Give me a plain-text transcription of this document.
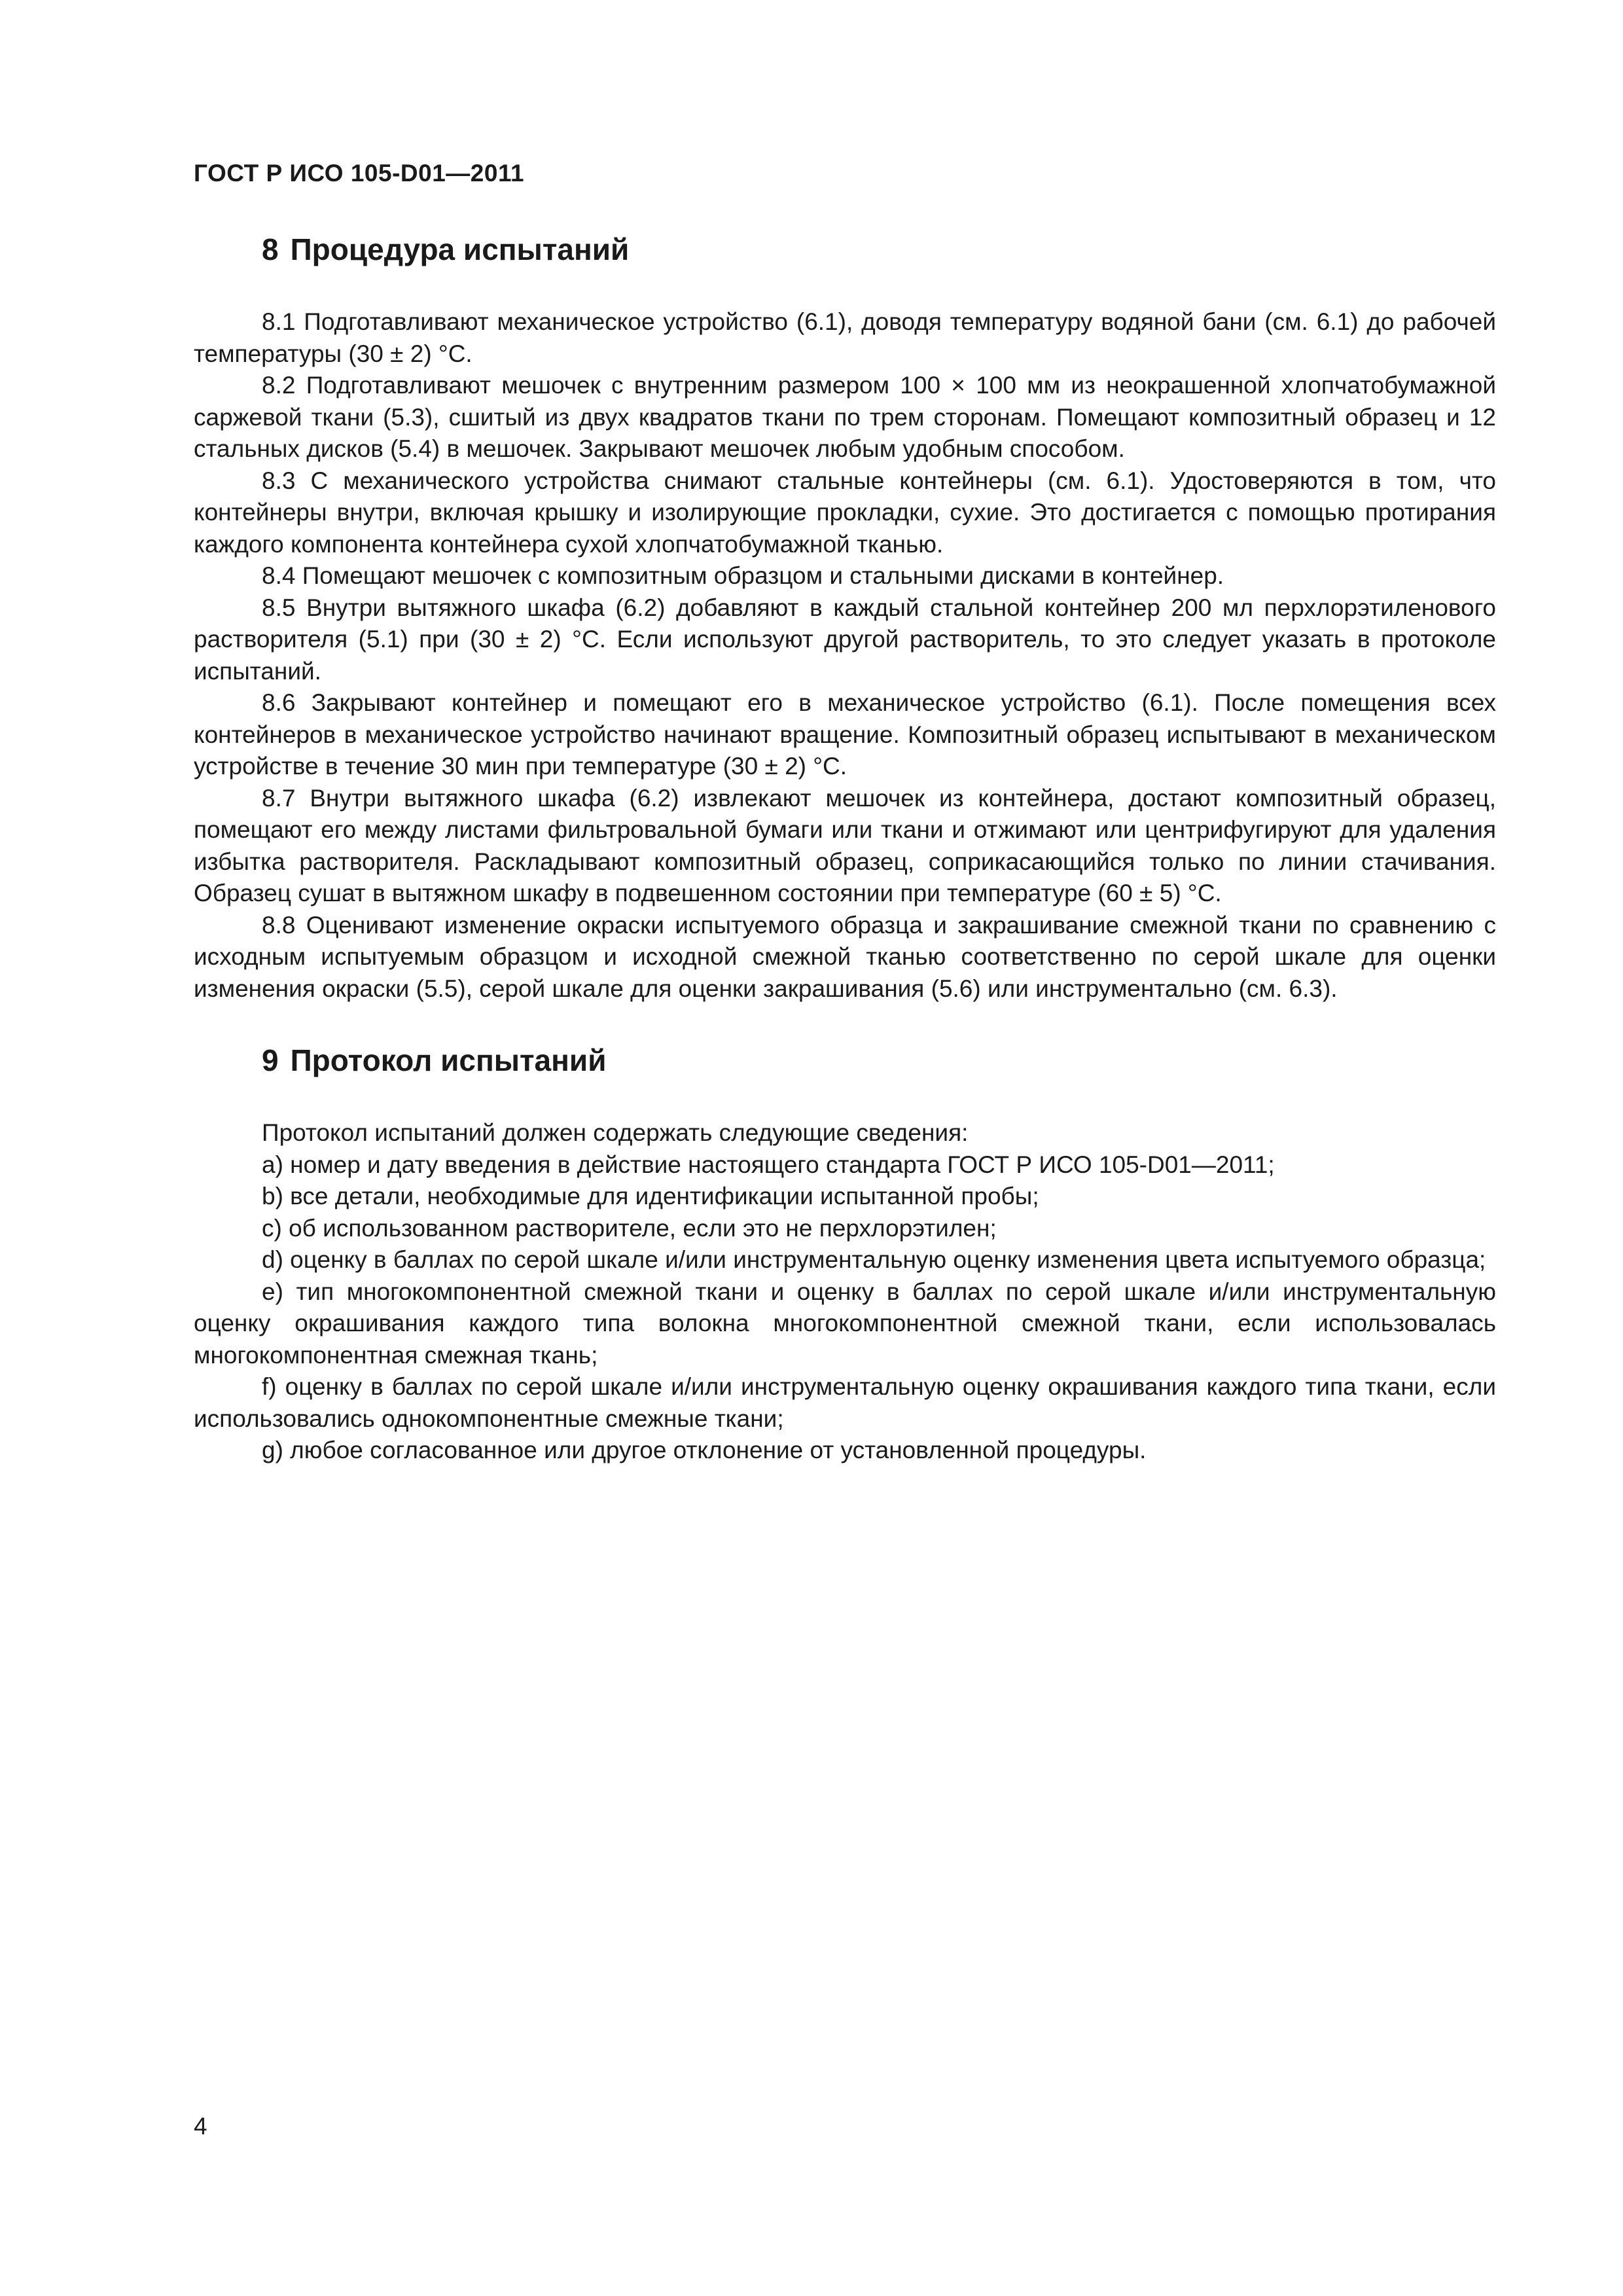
ГОСТ Р ИСО 105-D01—2011
8 Процедура испытаний

8.1 Подготавливают механическое устройство (6.1), доводя температуру водяной бани (см. 6.1) до рабочей температуры (30 ± 2) °С.

8.2 Подготавливают мешочек с внутренним размером 100 × 100 мм из неокрашенной хлопчатобумажной саржевой ткани (5.3), сшитый из двух квадратов ткани по трем сторонам. Помещают композитный образец и 12 стальных дисков (5.4) в мешочек. Закрывают мешочек любым удобным способом.

8.3 С механического устройства снимают стальные контейнеры (см. 6.1). Удостоверяются в том, что контейнеры внутри, включая крышку и изолирующие прокладки, сухие. Это достигается с помощью протирания каждого компонента контейнера сухой хлопчатобумажной тканью.

8.4 Помещают мешочек с композитным образцом и стальными дисками в контейнер.

8.5 Внутри вытяжного шкафа (6.2) добавляют в каждый стальной контейнер 200 мл перхлорэтиленового растворителя (5.1) при (30 ± 2) °С. Если используют другой растворитель, то это следует указать в протоколе испытаний.

8.6 Закрывают контейнер и помещают его в механическое устройство (6.1). После помещения всех контейнеров в механическое устройство начинают вращение. Композитный образец испытывают в механическом устройстве в течение 30 мин при температуре (30 ± 2) °С.

8.7 Внутри вытяжного шкафа (6.2) извлекают мешочек из контейнера, достают композитный образец, помещают его между листами фильтровальной бумаги или ткани и отжимают или центрифугируют для удаления избытка растворителя. Раскладывают композитный образец, соприкасающийся только по линии стачивания. Образец сушат в вытяжном шкафу в подвешенном состоянии при температуре (60 ± 5) °С.

8.8 Оценивают изменение окраски испытуемого образца и закрашивание смежной ткани по сравнению с исходным испытуемым образцом и исходной смежной тканью соответственно по серой шкале для оценки изменения окраски (5.5), серой шкале для оценки закрашивания (5.6) или инструментально (см. 6.3).

9 Протокол испытаний

Протокол испытаний должен содержать следующие сведения:

a) номер и дату введения в действие настоящего стандарта ГОСТ Р ИСО 105-D01—2011;

b) все детали, необходимые для идентификации испытанной пробы;

c) об использованном растворителе, если это не перхлорэтилен;

d) оценку в баллах по серой шкале и/или инструментальную оценку изменения цвета испытуемого образца;

e) тип многокомпонентной смежной ткани и оценку в баллах по серой шкале и/или инструментальную оценку окрашивания каждого типа волокна многокомпонентной смежной ткани, если использовалась многокомпонентная смежная ткань;

f) оценку в баллах по серой шкале и/или инструментальную оценку окрашивания каждого типа ткани, если использовались однокомпонентные смежные ткани;

g) любое согласованное или другое отклонение от установленной процедуры.

4
